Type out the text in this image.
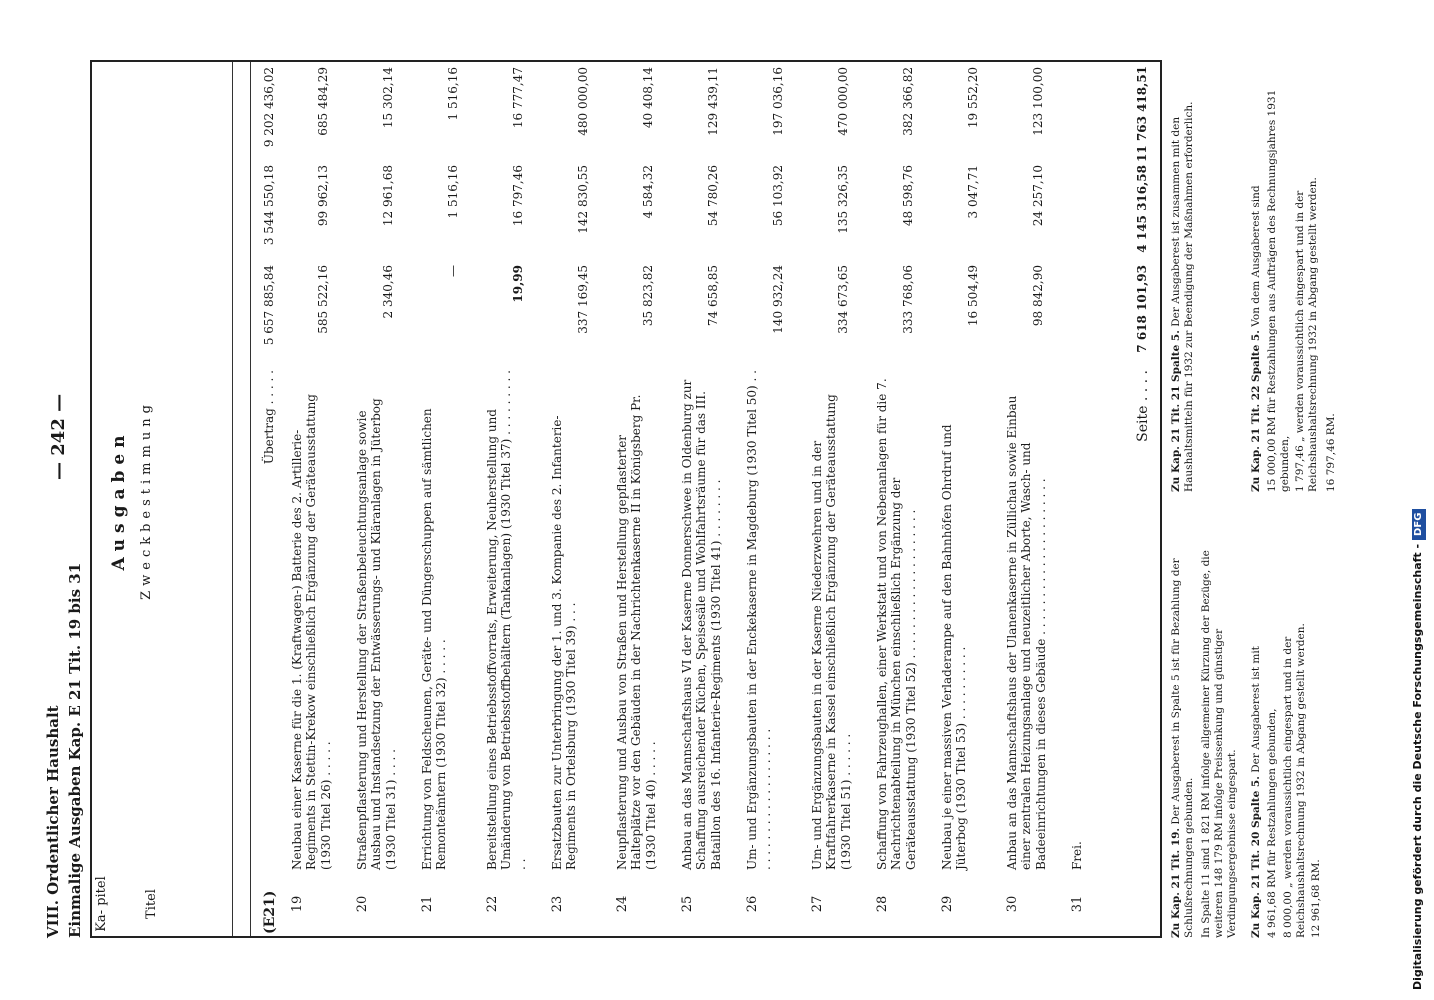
VIII. Ordentlicher Haushalt Einmalige Ausgaben Kap. E 21 Tit. 19 bis 31
— 242 —
Ka- pitel	Titel
Ausgaben Zweckbestimmung
(E21)
Übertrag . . . . .
5 657 885,84
3 544 550,18
9 202 436,02
19
Neubau einer Kaserne für die 1. (Kraftwagen-) Batterie des 2. Artillerie-Regiments in Stettin-Krekow einschließlich Ergänzung der Geräteausstattung (1930 Titel 26) . . . . .
585 522,16
99 962,13
685 484,29
20
Straßenpflasterung und Herstellung der Straßenbeleuchtungsanlage sowie Ausbau und Instandsetzung der Entwässerungs- und Kläranlagen in Jüterbog (1930 Titel 31) . . . .
2 340,46
12 961,68
15 302,14
21
Errichtung von Feldscheunen, Geräte- und Düngerschuppen auf sämtlichen Remonteämtern (1930 Titel 32) . . . . .
—
1 516,16
1 516,16
22
Bereitstellung eines Betriebsstoffvorrats, Erweiterung, Neuherstellung und Umänderung von Betriebsstoffbehältern (Tankanlagen) (1930 Titel 37) . . . . . . . . . . .
19,99
16 797,46
16 777,47
23
Ersatzbauten zur Unterbringung der 1. und 3. Kompanie des 2. Infanterie-Regiments in Ortelsburg (1930 Titel 39) . . .
337 169,45
142 830,55
480 000,00
24
Neupflasterung und Ausbau von Straßen und Herstellung gepflasterter Halteplätze vor den Gebäuden in der Nachrichtenkaserne II in Königsberg Pr. (1930 Titel 40) . . . . .
35 823,82
4 584,32
40 408,14
25
Anbau an das Mannschaftshaus VI der Kaserne Donnerschwee in Oldenburg zur Schaffung ausreichender Küchen, Speisesäle und Wohlfahrtsräume für das III. Bataillon des 16. Infanterie-Regiments (1930 Titel 41) . . . . . . . .
74 658,85
54 780,26
129 439,11
26
Um- und Ergänzungsbauten in der Enckekaserne in Magdeburg (1930 Titel 50) . . . . . . . . . . . . . . . . . . . . .
140 932,24
56 103,92
197 036,16
27
Um- und Ergänzungsbauten in der Kaserne Niederzwehren und in der Kraftfahrerkaserne in Kassel einschließlich Ergänzung der Geräteausstattung (1930 Titel 51) . . . . . .
334 673,65
135 326,35
470 000,00
28
Schaffung von Fahrzeughallen, einer Werkstatt und von Nebenanlagen für die 7. Nachrichtenabteilung in München einschließlich Ergänzung der Geräteausstattung (1930 Titel 52) . . . . . . . . . . . . . . . . . . . .
333 768,06
48 598,76
382 366,82
29
Neubau je einer massiven Verladerampe auf den Bahnhöfen Ohrdruf und Jüterbog (1930 Titel 53) . . . . . . . . . .
16 504,49
3 047,71
19 552,20
30
Anbau an das Mannschaftshaus der Ulanenkaserne in Züllichau sowie Einbau einer zentralen Heizungsanlage und neuzeitlicher Aborte, Wasch- und Badeeinrichtungen in dieses Gebäude . . . . . . . . . . . . . . . . . . . . .
98 842,90
24 257,10
123 100,00
31
Frei.
Seite . . . .
7 618 101,93
4 145 316,58
11 763 418,51
Zu Kap. 21 Tit. 19. Der Ausgaberest in Spalte 5 ist für Bezahlung der Schlußrechnungen gebunden. In Spalte 11 sind 1 821 RM infolge allgemeiner Kürzung der Bezüge, die weiteren 148 179 RM infolge Preissenkung und günstiger Verdingungsergebnisse eingespart. Zu Kap. 21 Tit. 20 Spalte 5. Der Ausgaberest ist mit 4 961,68 RM für Restzahlungen gebunden, 8 000,00 „ werden voraussichtlich eingespart und in der Reichshaushaltsrechnung 1932 in Abgang gestellt werden. 12 961,68 RM.
Zu Kap. 21 Tit. 21 Spalte 5. Der Ausgaberest ist zusammen mit den Haushaltsmitteln für 1932 zur Beendigung der Maßnahmen erforderlich.	Zu Kap. 21 Tit. 22 Spalte 5. Von dem Ausgaberest sind 15 000,00 RM für Restzahlungen aus Aufträgen des Rechnungsjahres 1931 gebunden, 1 797,46 „ werden voraussichtlich eingespart und in der Reichshaushaltsrechnung 1932 in Abgang gestellt werden. 16 797,46 RM.
Digitalisierung gefördert durch die Deutsche Forschungsgemeinschaft -DFG
